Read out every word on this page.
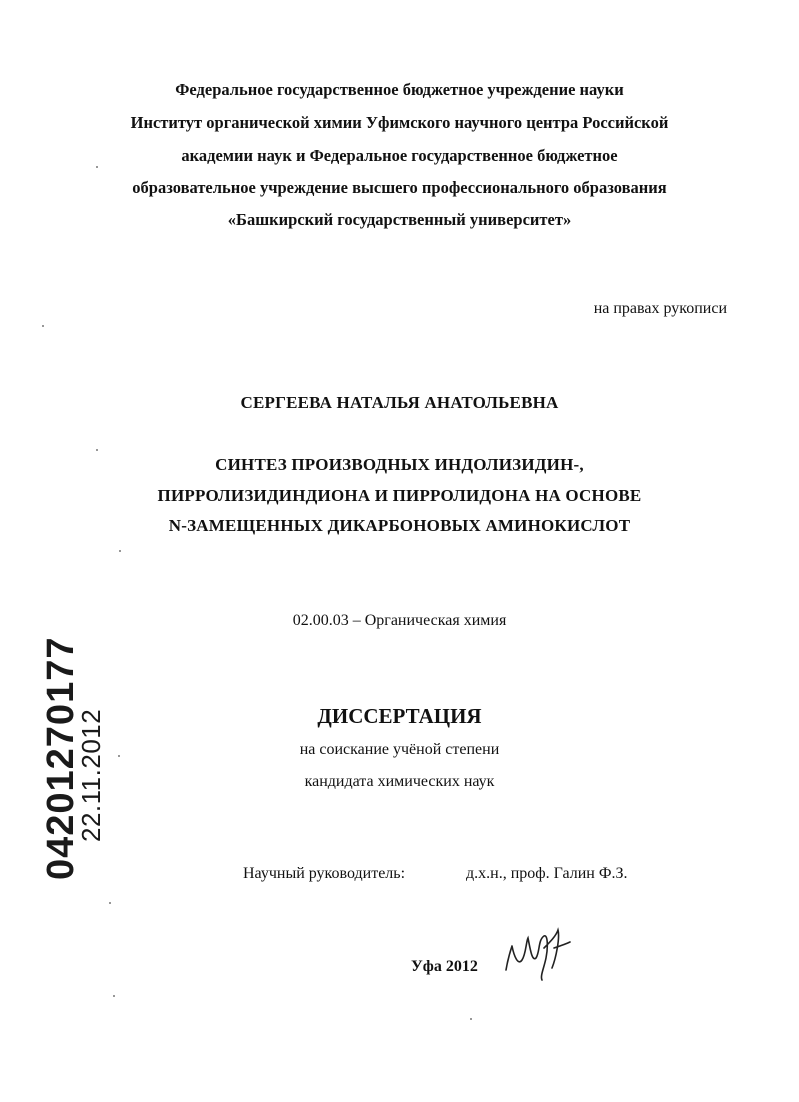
Федеральное государственное бюджетное учреждение науки
Институт органической химии Уфимского научного центра Российской
академии наук и Федеральное государственное бюджетное
образовательное учреждение высшего профессионального образования
«Башкирский государственный университет»
на правах рукописи
СЕРГЕЕВА НАТАЛЬЯ АНАТОЛЬЕВНА
СИНТЕЗ ПРОИЗВОДНЫХ ИНДОЛИЗИДИН-,
ПИРРОЛИЗИДИНДИОНА И ПИРРОЛИДОНА НА ОСНОВЕ
N-ЗАМЕЩЕННЫХ ДИКАРБОНОВЫХ АМИНОКИСЛОТ
02.00.03 – Органическая химия
ДИССЕРТАЦИЯ
на соискание учёной степени
кандидата химических наук
Научный руководитель:	д.х.н., проф. Галин Ф.З.
Уфа 2012
04201270177
22.11.2012
